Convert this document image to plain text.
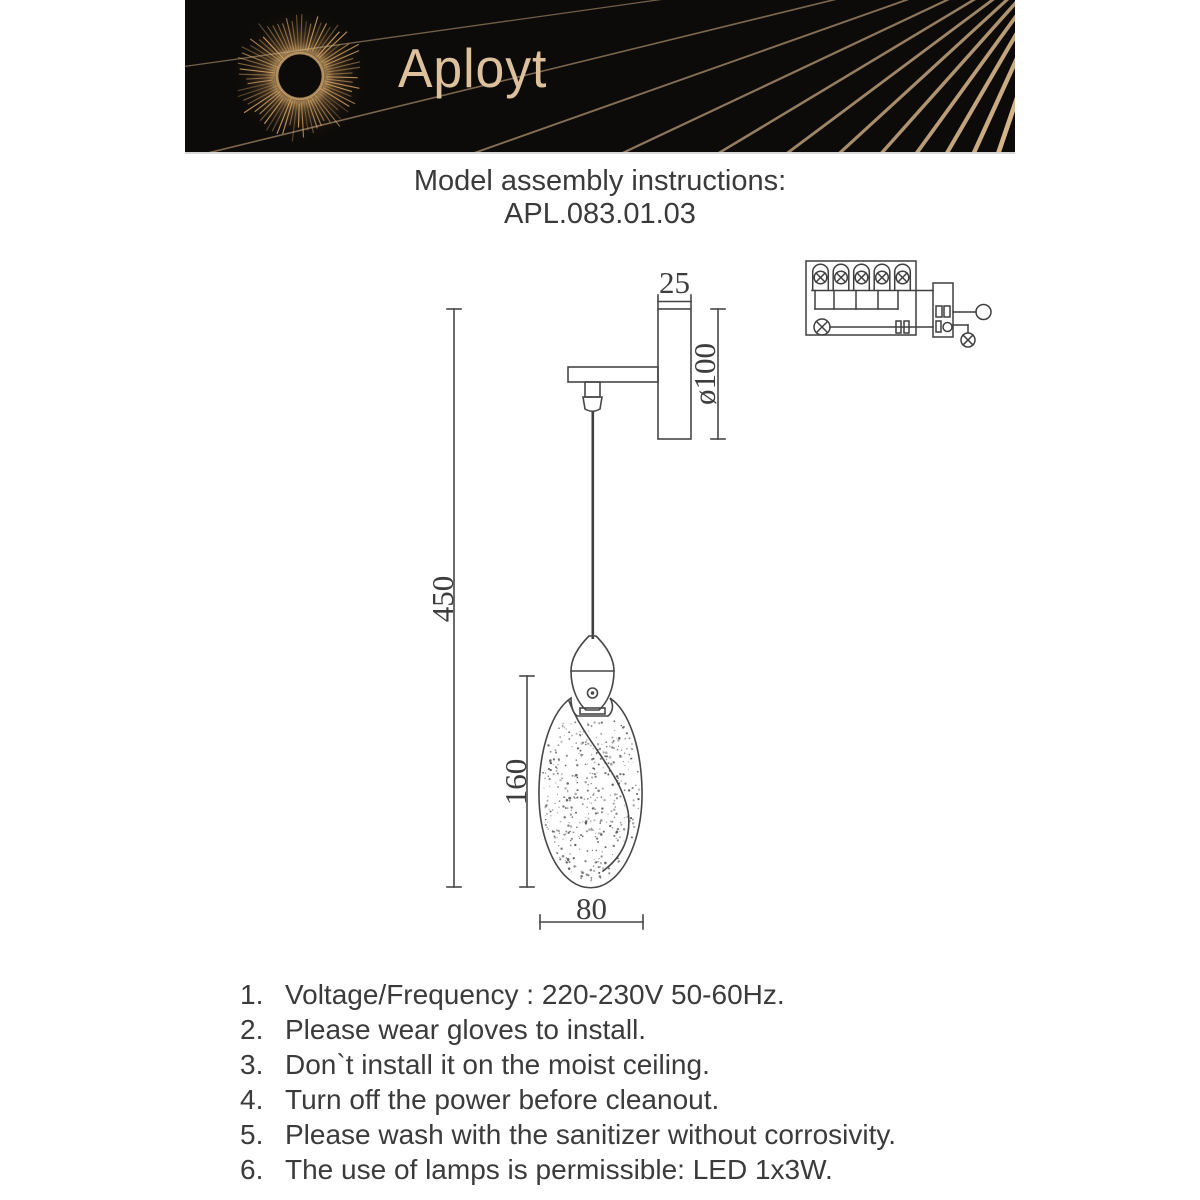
Aployt
Model assembly instructions:
APL.083.01.03
25
ø100
450
160
80
1. Voltage/Frequency : 220-230V 50-60Hz.
2. Please wear gloves to install.
3. Don`t install it on the moist ceiling.
4. Turn off the power before cleanout.
5. Please wash with the sanitizer without corrosivity.
6. The use of lamps is permissible: LED 1x3W.
